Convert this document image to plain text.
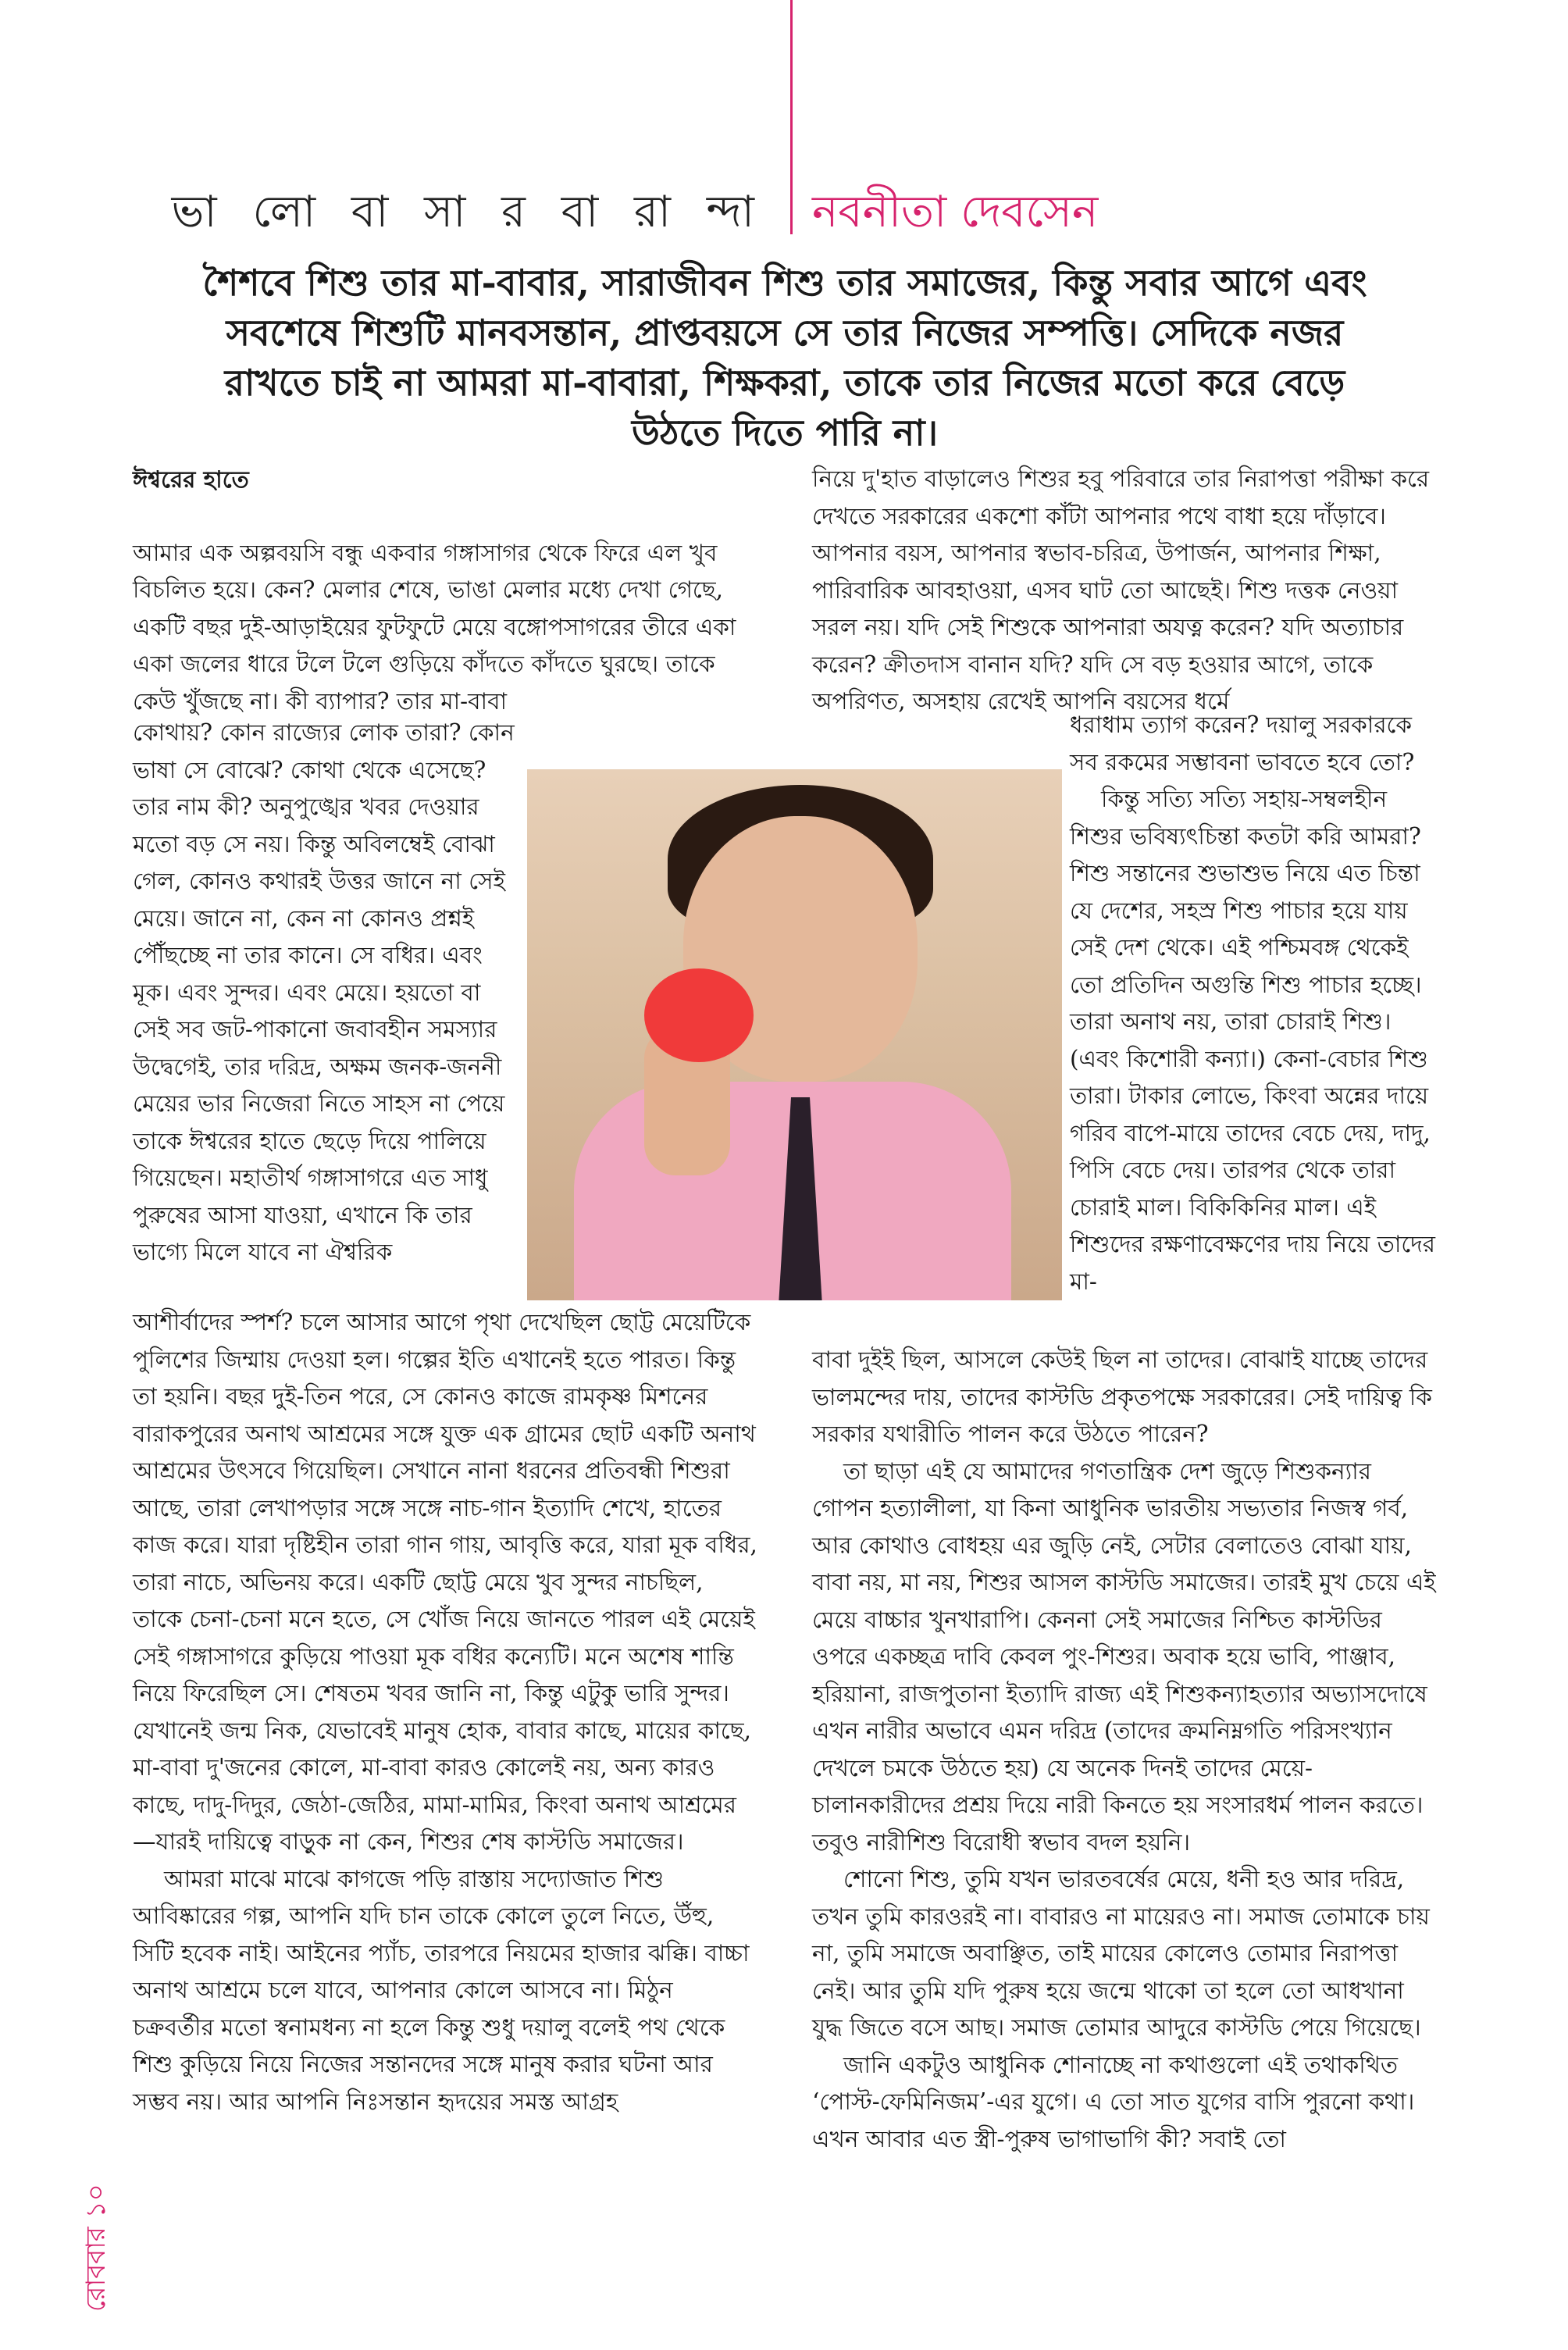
ভা লো বা সা র বা রা ন্দা নবনীতা দেবসেন
শৈশবে শিশু তার মা-বাবার, সারাজীবন শিশু তার সমাজের, কিন্তু সবার আগে এবং সবশেষে শিশুটি মানবসন্তান, প্রাপ্তবয়সে সে তার নিজের সম্পত্তি। সেদিকে নজর রাখতে চাই না আমরা মা-বাবারা, শিক্ষকরা, তাকে তার নিজের মতো করে বেড়ে উঠতে দিতে পারি না।

ঈশ্বরের হাতে

আমার এক অল্পবয়সি বন্ধু একবার গঙ্গাসাগর থেকে ফিরে এল খুব বিচলিত হয়ে। কেন? মেলার শেষে, ভাঙা মেলার মধ্যে দেখা গেছে, একটি বছর দুই-আড়াইয়ের ফুটফুটে মেয়ে বঙ্গোপসাগরের তীরে একা একা জলের ধারে টলে টলে গুড়িয়ে কাঁদতে কাঁদতে ঘুরছে। তাকে কেউ খুঁজছে না। কী ব্যাপার? তার মা-বাবা

কোথায়? কোন রাজ্যের লোক তারা? কোন ভাষা সে বোঝে? কোথা থেকে এসেছে? তার নাম কী? অনুপুঙ্খের খবর দেওয়ার মতো বড় সে নয়। কিন্তু অবিলম্বেই বোঝা গেল, কোনও কথারই উত্তর জানে না সেই মেয়ে। জানে না, কেন না কোনও প্রশ্নই পৌঁছচ্ছে না তার কানে। সে বধির। এবং মূক। এবং সুন্দর। এবং মেয়ে। হয়তো বা সেই সব জট-পাকানো জবাবহীন সমস্যার উদ্বেগেই, তার দরিদ্র, অক্ষম জনক-জননী মেয়ের ভার নিজেরা নিতে সাহস না পেয়ে তাকে ঈশ্বরের হাতে ছেড়ে দিয়ে পালিয়ে গিয়েছেন। মহাতীর্থ গঙ্গাসাগরে এত সাধু পুরুষের আসা যাওয়া, এখানে কি তার ভাগ্যে মিলে যাবে না ঐশ্বরিক

আশীর্বাদের স্পর্শ? চলে আসার আগে পৃথা দেখেছিল ছোট্ট মেয়েটিকে পুলিশের জিম্মায় দেওয়া হল। গল্পের ইতি এখানেই হতে পারত। কিন্তু তা হয়নি। বছর দুই-তিন পরে, সে কোনও কাজে রামকৃষ্ণ মিশনের বারাকপুরের অনাথ আশ্রমের সঙ্গে যুক্ত এক গ্রামের ছোট একটি অনাথ আশ্রমের উৎসবে গিয়েছিল। সেখানে নানা ধরনের প্রতিবন্ধী শিশুরা আছে, তারা লেখাপড়ার সঙ্গে সঙ্গে নাচ-গান ইত্যাদি শেখে, হাতের কাজ করে। যারা দৃষ্টিহীন তারা গান গায়, আবৃত্তি করে, যারা মূক বধির, তারা নাচে, অভিনয় করে। একটি ছোট্ট মেয়ে খুব সুন্দর নাচছিল, তাকে চেনা-চেনা মনে হতে, সে খোঁজ নিয়ে জানতে পারল এই মেয়েই সেই গঙ্গাসাগরে কুড়িয়ে পাওয়া মূক বধির কন্যেটি। মনে অশেষ শান্তি নিয়ে ফিরেছিল সে। শেষতম খবর জানি না, কিন্তু এটুকু ভারি সুন্দর। যেখানেই জন্ম নিক, যেভাবেই মানুষ হোক, বাবার কাছে, মায়ের কাছে, মা-বাবা দু'জনের কোলে, মা-বাবা কারও কোলেই নয়, অন্য কারও কাছে, দাদু-দিদুর, জেঠা-জেঠির, মামা-মামির, কিংবা অনাথ আশ্রমের—যারই দায়িত্বে বাড়ুক না কেন, শিশুর শেষ কাস্টডি সমাজের।

আমরা মাঝে মাঝে কাগজে পড়ি রাস্তায় সদ্যোজাত শিশু আবিষ্কারের গল্প, আপনি যদি চান তাকে কোলে তুলে নিতে, উঁহু, সিটি হবেক নাই। আইনের প্যাঁচ, তারপরে নিয়মের হাজার ঝক্কি। বাচ্চা অনাথ আশ্রমে চলে যাবে, আপনার কোলে আসবে না। মিঠুন চক্রবর্তীর মতো স্বনামধন্য না হলে কিন্তু শুধু দয়ালু বলেই পথ থেকে শিশু কুড়িয়ে নিয়ে নিজের সন্তানদের সঙ্গে মানুষ করার ঘটনা আর সম্ভব নয়। আর আপনি নিঃসন্তান হৃদয়ের সমস্ত আগ্রহ

নিয়ে দু'হাত বাড়ালেও শিশুর হবু পরিবারে তার নিরাপত্তা পরীক্ষা করে দেখতে সরকারের একশো কাঁটা আপনার পথে বাধা হয়ে দাঁড়াবে। আপনার বয়স, আপনার স্বভাব-চরিত্র, উপার্জন, আপনার শিক্ষা, পারিবারিক আবহাওয়া, এসব ঘাট তো আছেই। শিশু দত্তক নেওয়া সরল নয়। যদি সেই শিশুকে আপনারা অযত্ন করেন? যদি অত্যাচার করেন? ক্রীতদাস বানান যদি? যদি সে বড় হওয়ার আগে, তাকে অপরিণত, অসহায় রেখেই আপনি বয়সের ধর্মে

ধরাধাম ত্যাগ করেন? দয়ালু সরকারকে সব রকমের সম্ভাবনা ভাবতে হবে তো?

কিন্তু সত্যি সত্যি সহায়-সম্বলহীন শিশুর ভবিষ্যৎচিন্তা কতটা করি আমরা? শিশু সন্তানের শুভাশুভ নিয়ে এত চিন্তা যে দেশের, সহস্র শিশু পাচার হয়ে যায় সেই দেশ থেকে। এই পশ্চিমবঙ্গ থেকেই তো প্রতিদিন অগুন্তি শিশু পাচার হচ্ছে। তারা অনাথ নয়, তারা চোরাই শিশু। (এবং কিশোরী কন্যা।) কেনা-বেচার শিশু তারা। টাকার লোভে, কিংবা অন্নের দায়ে গরিব বাপে-মায়ে তাদের বেচে দেয়, দাদু, পিসি বেচে দেয়। তারপর থেকে তারা চোরাই মাল। বিকিকিনির মাল। এই শিশুদের রক্ষণাবেক্ষণের দায় নিয়ে তাদের মা-

বাবা দুইই ছিল, আসলে কেউই ছিল না তাদের। বোঝাই যাচ্ছে তাদের ভালমন্দের দায়, তাদের কাস্টডি প্রকৃতপক্ষে সরকারের। সেই দায়িত্ব কি সরকার যথারীতি পালন করে উঠতে পারেন?

তা ছাড়া এই যে আমাদের গণতান্ত্রিক দেশ জুড়ে শিশুকন্যার গোপন হত্যালীলা, যা কিনা আধুনিক ভারতীয় সভ্যতার নিজস্ব গর্ব, আর কোথাও বোধহয় এর জুড়ি নেই, সেটার বেলাতেও বোঝা যায়, বাবা নয়, মা নয়, শিশুর আসল কাস্টডি সমাজের। তারই মুখ চেয়ে এই মেয়ে বাচ্চার খুনখারাপি। কেননা সেই সমাজের নিশ্চিত কাস্টডির ওপরে একচ্ছত্র দাবি কেবল পুং-শিশুর। অবাক হয়ে ভাবি, পাঞ্জাব, হরিয়ানা, রাজপুতানা ইত্যাদি রাজ্য এই শিশুকন্যাহত্যার অভ্যাসদোষে এখন নারীর অভাবে এমন দরিদ্র (তাদের ক্রমনিম্নগতি পরিসংখ্যান দেখলে চমকে উঠতে হয়) যে অনেক দিনই তাদের মেয়ে-চালানকারীদের প্রশ্রয় দিয়ে নারী কিনতে হয় সংসারধর্ম পালন করতে। তবুও নারীশিশু বিরোধী স্বভাব বদল হয়নি।

শোনো শিশু, তুমি যখন ভারতবর্ষের মেয়ে, ধনী হও আর দরিদ্র, তখন তুমি কারওরই না। বাবারও না মায়েরও না। সমাজ তোমাকে চায় না, তুমি সমাজে অবাঞ্ছিত, তাই মায়ের কোলেও তোমার নিরাপত্তা নেই। আর তুমি যদি পুরুষ হয়ে জন্মে থাকো তা হলে তো আধখানা যুদ্ধ জিতে বসে আছ। সমাজ তোমার আদুরে কাস্টডি পেয়ে গিয়েছে।

জানি একটুও আধুনিক শোনাচ্ছে না কথাগুলো এই তথাকথিত ‘পোস্ট-ফেমিনিজম’-এর যুগে। এ তো সাত যুগের বাসি পুরনো কথা। এখন আবার এত স্ত্রী-পুরুষ ভাগাভাগি কী? সবাই তো

রোববার ১০
